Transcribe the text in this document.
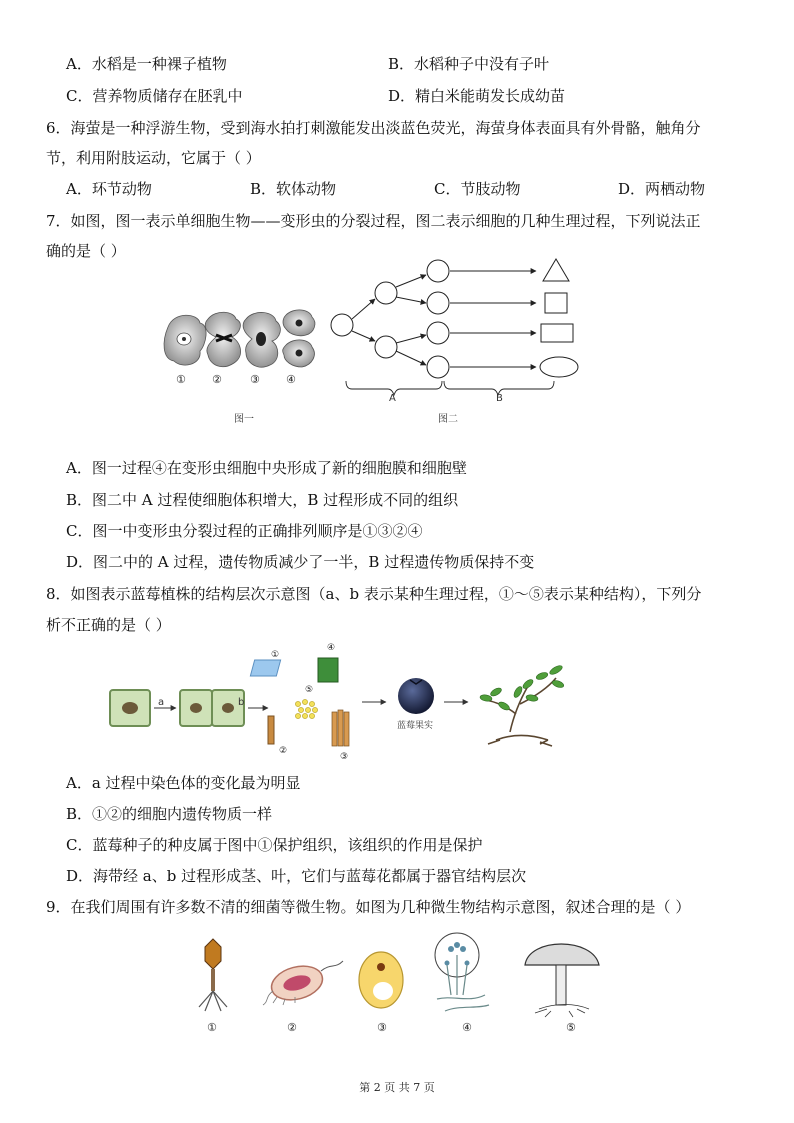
A．水稻是一种裸子植物	B．水稻种子中没有子叶
C．营养物质储存在胚乳中	D．精白米能萌发长成幼苗
6．海萤是一种浮游生物，受到海水拍打刺激能发出淡蓝色荧光，海萤身体表面具有外骨骼，触角分
节，利用附肢运动，它属于（ ）
A．环节动物	B．软体动物	C．节肢动物	D．两栖动物
7．如图，图一表示单细胞生物——变形虫的分裂过程，图二表示细胞的几种生理过程，下列说法正
确的是（ ）
① ②	③ ④
图一
A	B
图二
A．图一过程④在变形虫细胞中央形成了新的细胞膜和细胞壁
B．图二中 A 过程使细胞体积增大，B 过程形成不同的组织
C．图一中变形虫分裂过程的正确排列顺序是①③②④
D．图二中的 A 过程，遗传物质减少了一半，B 过程遗传物质保持不变
8．如图表示蓝莓植株的结构层次示意图（a、b 表示某种生理过程，①～⑤表示某种结构），下列分
析不正确的是（ ）
a	b
①
②
③
④
⑤
蓝莓果实
A．a 过程中染色体的变化最为明显
B．①②的细胞内遗传物质一样
C．蓝莓种子的种皮属于图中①保护组织，该组织的作用是保护
D．海带经 a、b 过程形成茎、叶，它们与蓝莓花都属于器官结构层次
9．在我们周围有许多数不清的细菌等微生物。如图为几种微生物结构示意图，叙述合理的是（ ）
①	②	③	④	⑤
第 2 页 共 7 页
